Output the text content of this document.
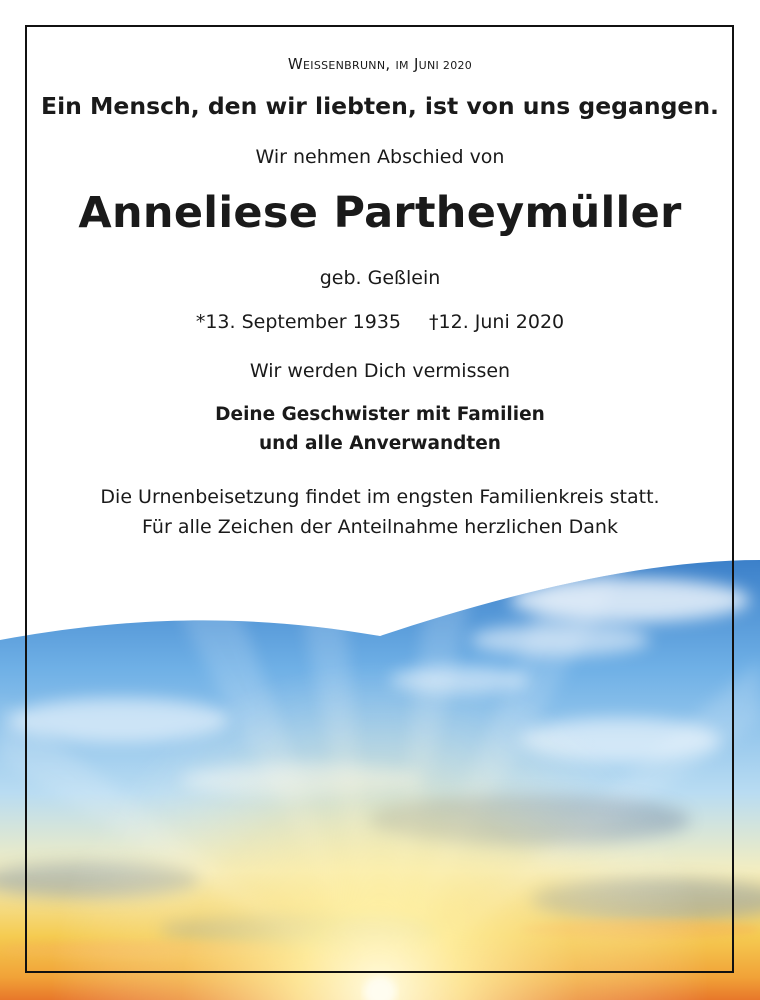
WEISSENBRUNN, IM JUNI 2020
Ein Mensch, den wir liebten, ist von uns gegangen.
Wir nehmen Abschied von
Anneliese Partheymüller
geb. Geßlein
*13. September 1935 †12. Juni 2020
Wir werden Dich vermissen
Deine Geschwister mit Familien
und alle Anverwandten
Die Urnenbeisetzung findet im engsten Familienkreis statt.
Für alle Zeichen der Anteilnahme herzlichen Dank
